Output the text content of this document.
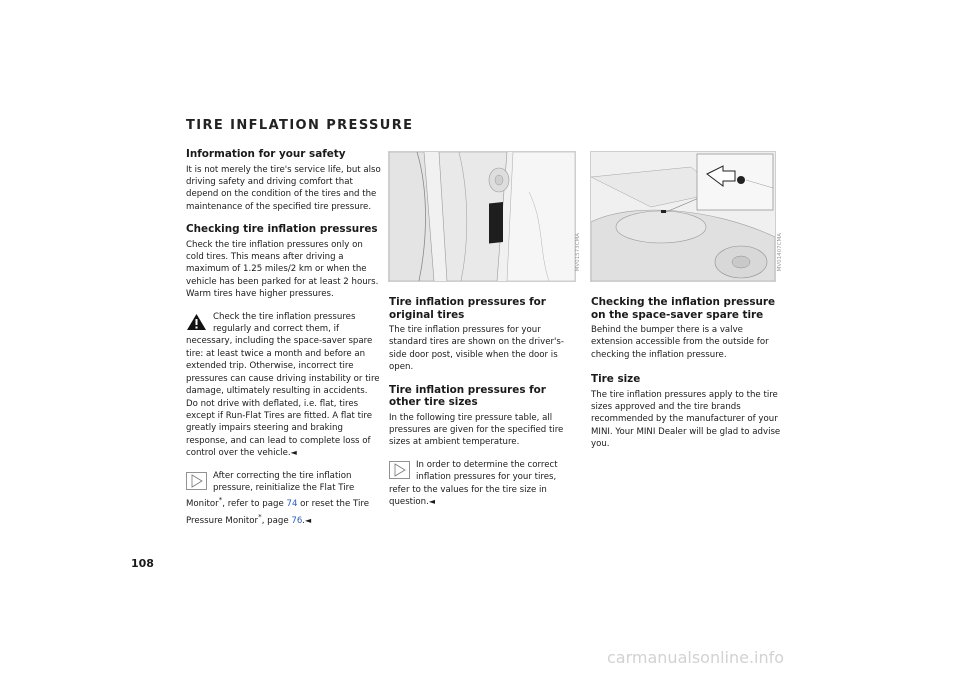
TIRE INFLATION PRESSURE
Information for your safety

It is not merely the tire's service life, but also driving safety and driving comfort that depend on the condition of the tires and the maintenance of the specified tire pressure.

Checking tire inflation pressures

Check the tire inflation pressures only on cold tires. This means after driving a maximum of 1.25 miles/2 km or when the vehicle has been parked for at least 2 hours. Warm tires have higher pressures.

Check the tire inflation pressures regularly and correct them, if necessary, including the space-saver spare tire: at least twice a month and before an extended trip. Otherwise, incorrect tire pressures can cause driving instability or tire damage, ultimately resulting in accidents. Do not drive with deflated, i.e. flat, tires except if Run-Flat Tires are fitted. A flat tire greatly impairs steering and braking response, and can lead to complete loss of control over the vehicle.◄

After correcting the tire inflation pressure, reinitialize the Flat Tire Monitor*, refer to page 74 or reset the Tire Pressure Monitor*, page 76.◄

MV01573CMA	MV01407CMA
Tire inflation pressures for original tires

The tire inflation pressures for your standard tires are shown on the driver's-side door post, visible when the door is open.

Tire inflation pressures for other tire sizes

In the following tire pressure table, all pressures are given for the specified tire sizes at ambient temperature.

In order to determine the correct inflation pressures for your tires, refer to the values for the tire size in question.◄

Checking the inflation pressure on the space-saver spare tire

Behind the bumper there is a valve extension accessible from the outside for checking the inflation pressure.

Tire size

The tire inflation pressures apply to the tire sizes approved and the tire brands recommended by the manufacturer of your MINI. Your MINI Dealer will be glad to advise you.

108
carmanualsonline.info
